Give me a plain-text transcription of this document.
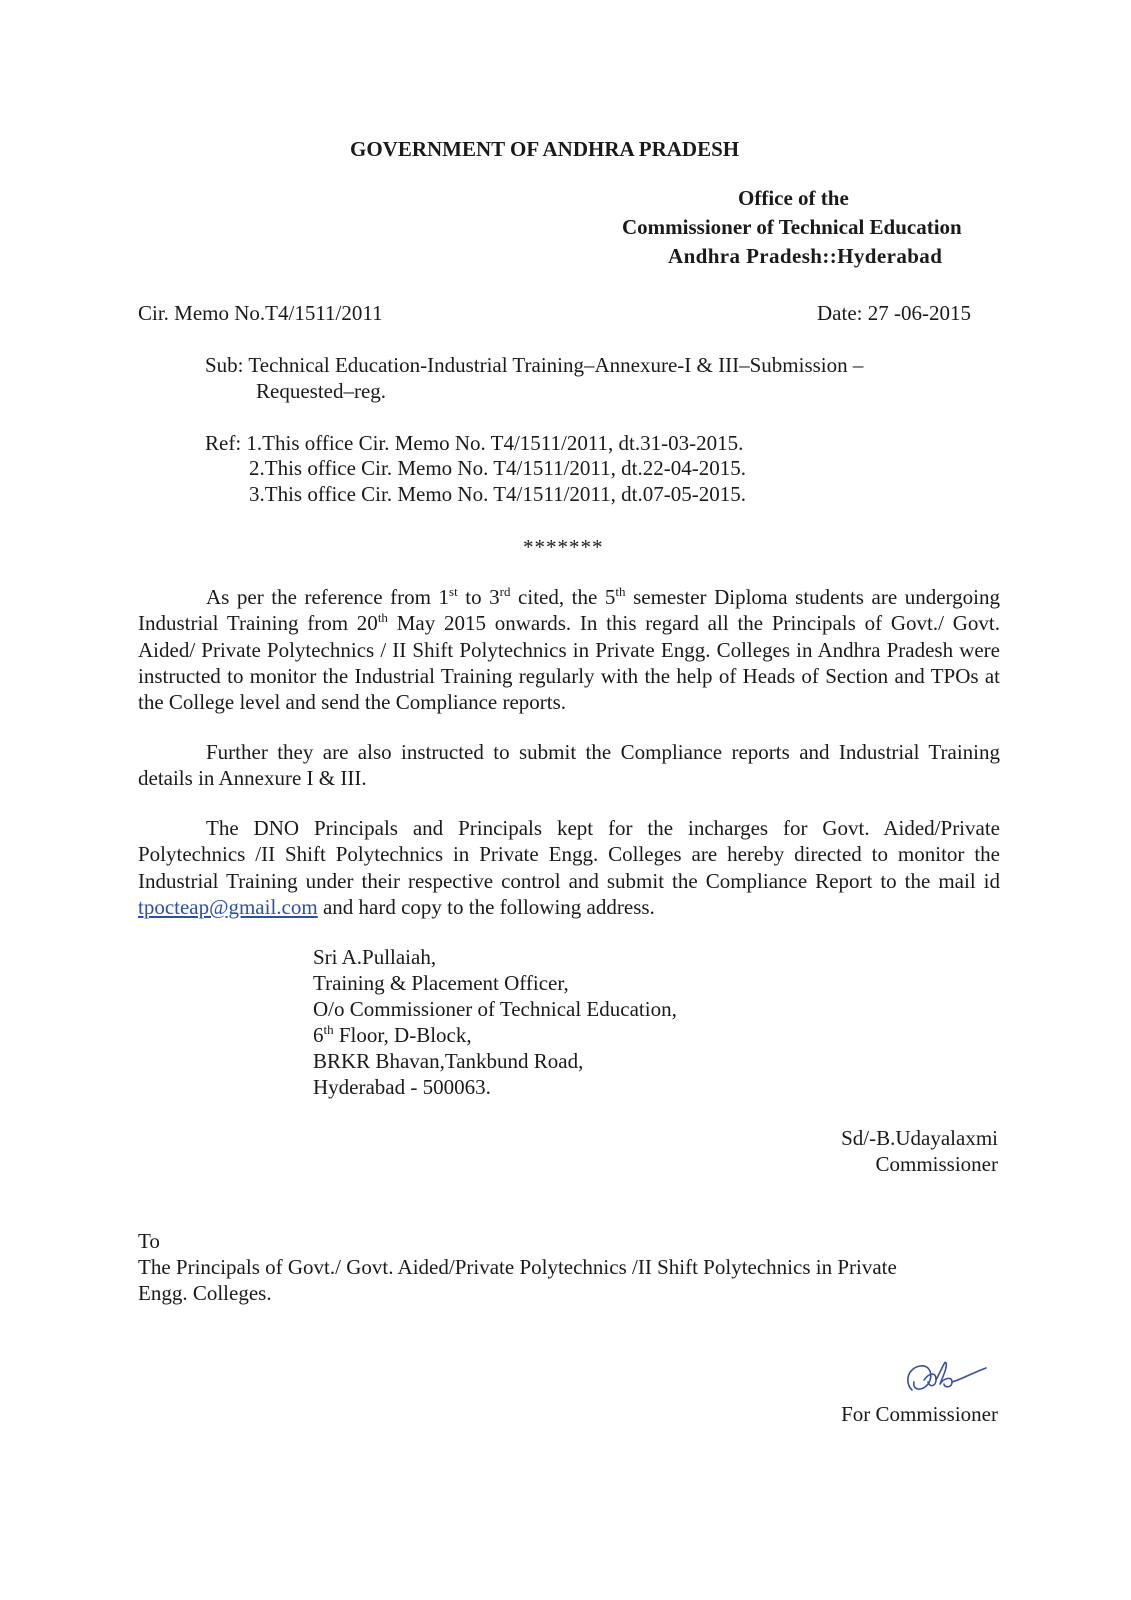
GOVERNMENT OF ANDHRA PRADESH
Office of the
Commissioner of Technical Education
Andhra Pradesh::Hyderabad
Cir. Memo No.T4/1511/2011	Date: 27 -06-2015
Sub: Technical Education-Industrial Training–Annexure-I & III–Submission –
Requested–reg.
Ref: 1.This office Cir. Memo No. T4/1511/2011, dt.31-03-2015.
2.This office Cir. Memo No. T4/1511/2011, dt.22-04-2015.
3.This office Cir. Memo No. T4/1511/2011, dt.07-05-2015.
*******
As per the reference from 1st to 3rd cited, the 5th semester Diploma students are undergoing Industrial Training from 20th May 2015 onwards. In this regard all the Principals of Govt./ Govt. Aided/ Private Polytechnics / II Shift Polytechnics in Private Engg. Colleges in Andhra Pradesh were instructed to monitor the Industrial Training regularly with the help of Heads of Section and TPOs at the College level and send the Compliance reports.
Further they are also instructed to submit the Compliance reports and Industrial Training details in Annexure I & III.
The DNO Principals and Principals kept for the incharges for Govt. Aided/Private Polytechnics /II Shift Polytechnics in Private Engg. Colleges are hereby directed to monitor the Industrial Training under their respective control and submit the Compliance Report to the mail id tpocteap@gmail.com and hard copy to the following address.
Sri A.Pullaiah,
Training & Placement Officer,
O/o Commissioner of Technical Education,
6th Floor, D-Block,
BRKR Bhavan,Tankbund Road,
Hyderabad - 500063.
Sd/-B.Udayalaxmi
Commissioner
To
The Principals of Govt./ Govt. Aided/Private Polytechnics /II Shift Polytechnics in Private
Engg. Colleges.
For Commissioner
